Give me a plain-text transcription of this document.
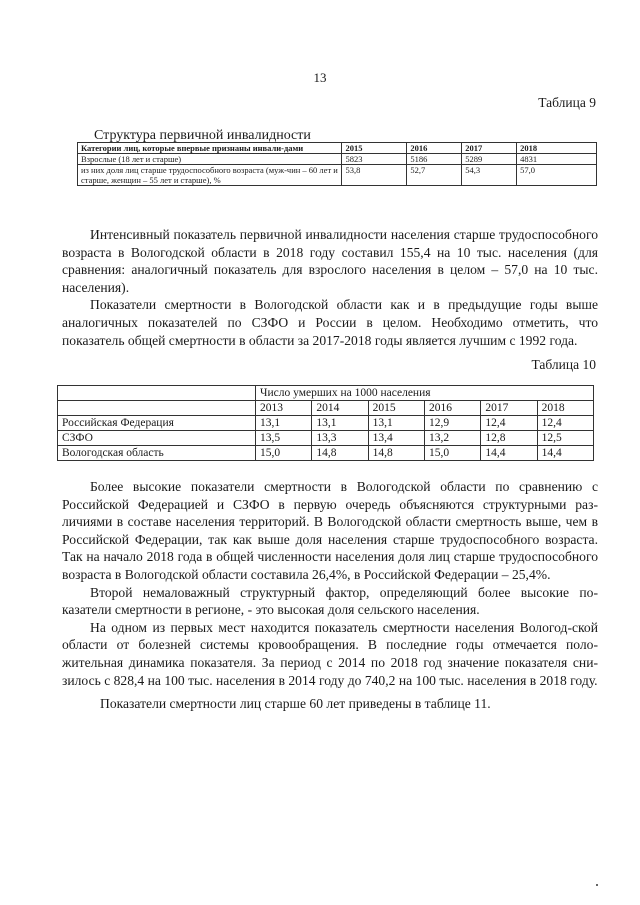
13
Таблица 9
Структура первичной инвалидности
Категории лиц, которые впервые признаны инвали-дами	2015	2016	2017	2018
Взрослые (18 лет и старше)	5823	5186	5289	4831
из них доля лиц старше трудоспособного возраста (муж-чин – 60 лет и старше, женщин – 55 лет и старше), %	53,8	52,7	54,3	57,0

Интенсивный показатель первичной инвалидности населения старше трудоспособного возраста в Вологодской области в 2018 году составил 155,4 на 10 тыс. населения (для сравнения: аналогичный показатель для взрослого населения в целом – 57,0 на 10 тыс. населения).

Показатели смертности в Вологодской области как и в предыдущие годы выше аналогичных показателей по СЗФО и России в целом. Необходимо отметить, что показатель общей смертности в области за 2017-2018 годы является лучшим с 1992 года.

Таблица 10
	Число умерших на 1000 населения					
	2013	2014	2015	2016	2017	2018
Российская Федерация	13,1	13,1	13,1	12,9	12,4	12,4
СЗФО	13,5	13,3	13,4	13,2	12,8	12,5
Вологодская область	15,0	14,8	14,8	15,0	14,4	14,4

Более высокие показатели смертности в Вологодской области по сравнению с Российской Федерацией и СЗФО в первую очередь объясняются структурными раз-личиями в составе населения территорий. В Вологодской области смертность выше, чем в Российской Федерации, так как выше доля населения старше трудоспособного возраста. Так на начало 2018 года в общей численности населения доля лиц старше трудоспособного возраста в Вологодской области составила 26,4%, в Российской Федерации – 25,4%.

Второй немаловажный структурный фактор, определяющий более высокие по-казатели смертности в регионе, - это высокая доля сельского населения.

На одном из первых мест находится показатель смертности населения Вологод-ской области от болезней системы кровообращения. В последние годы отмечается поло-жительная динамика показателя. За период с 2014 по 2018 год значение показателя сни-зилось с 828,4 на 100 тыс. населения в 2014 году до 740,2 на 100 тыс. населения в 2018 году.

Показатели смертности лиц старше 60 лет приведены в таблице 11.
